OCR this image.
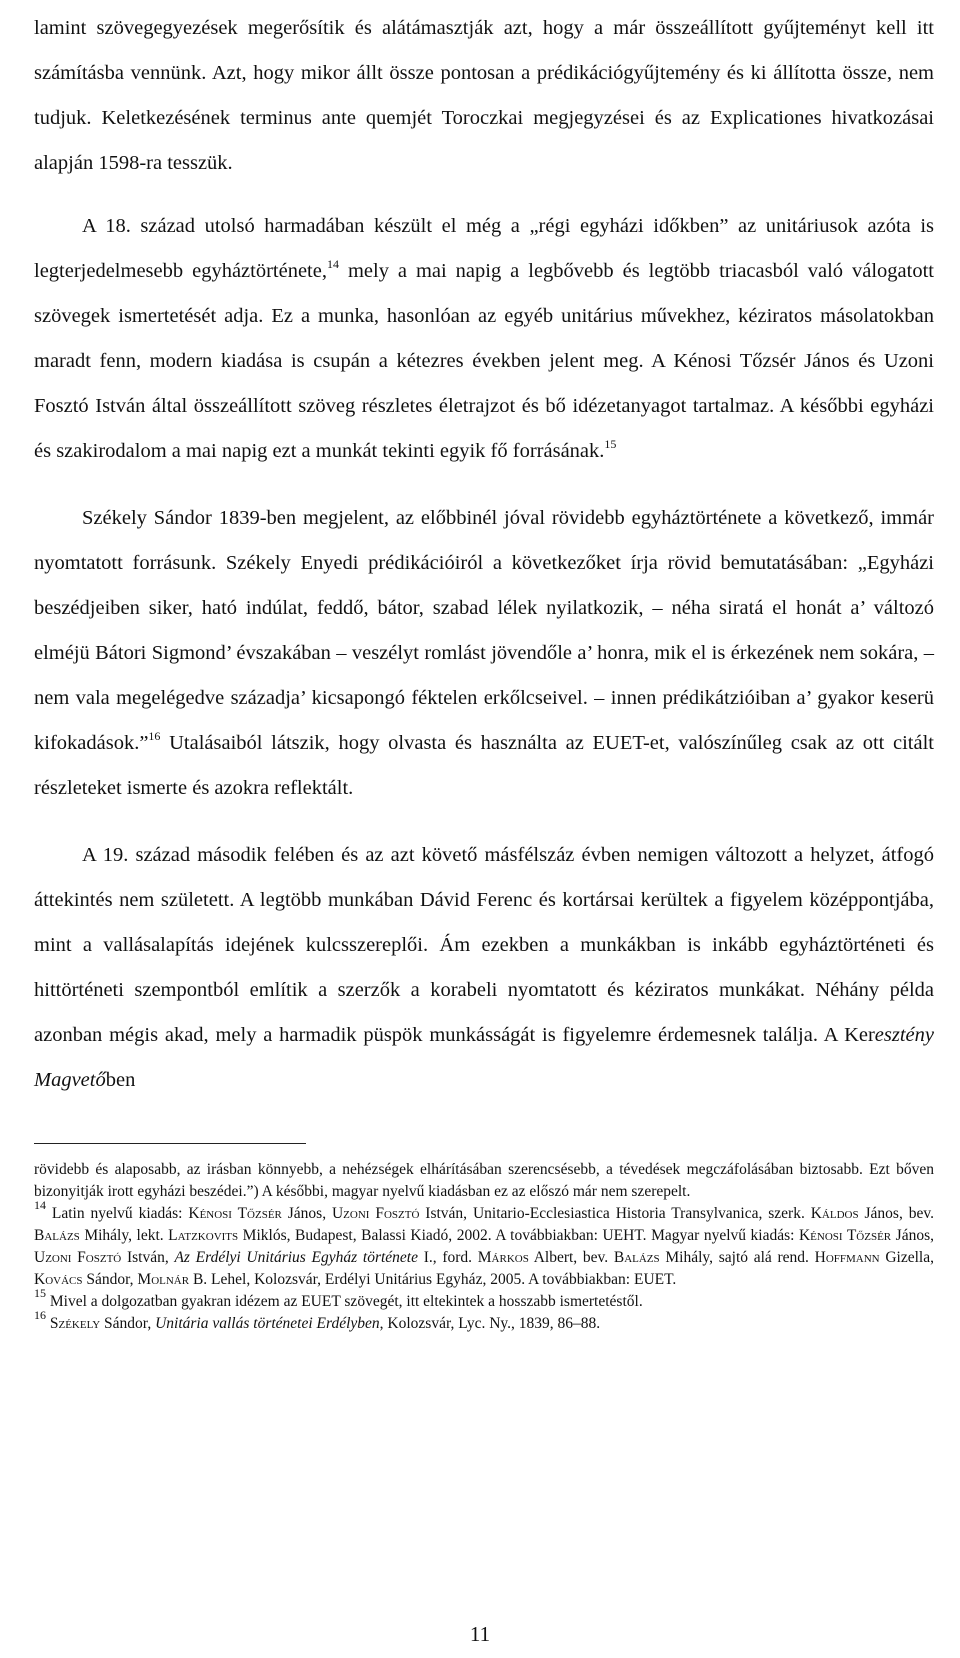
lamint szövegegyezések megerősítik és alátámasztják azt, hogy a már összeállított gyűjteményt kell itt számításba vennünk. Azt, hogy mikor állt össze pontosan a prédikációgyűjtemény és ki állította össze, nem tudjuk. Keletkezésének terminus ante quemjét Toroczkai megjegyzései és az Explicationes hivatkozásai alapján 1598-ra tesszük.

A 18. század utolsó harmadában készült el még a „régi egyházi időkben” az unitáriusok azóta is legterjedelmesebb egyháztörténete,$^{14}$ mely a mai napig a legbővebb és legtöbb triacasból való válogatott szövegek ismertetését adja. Ez a munka, hasonlóan az egyéb unitárius művekhez, kéziratos másolatokban maradt fenn, modern kiadása is csupán a kétezres években jelent meg. A Kénosi Tőzsér János és Uzoni Fosztó István által összeállított szöveg részletes életrajzot és bő idézetanyagot tartalmaz. A későbbi egyházi és szakirodalom a mai napig ezt a munkát tekinti egyik fő forrásának.$^{15}$

Székely Sándor 1839-ben megjelent, az előbbinél jóval rövidebb egyháztörténete a következő, immár nyomtatott forrásunk. Székely Enyedi prédikációiról a következőket írja rövid bemutatásában: „Egyházi beszédjeiben siker, ható indúlat, feddő, bátor, szabad lélek nyilatkozik, – néha siratá el honát a’ változó elméjü Bátori Sigmond’ évszakában – veszélyt romlást jövendőle a’ honra, mik el is érkezének nem sokára, – nem vala megelégedve századja’ kicsapongó féktelen erkőlcseivel. – innen prédikátzióiban a’ gyakor keserü kifokadások.”$^{16}$ Utalásaiból látszik, hogy olvasta és használta az EUET-et, valószínűleg csak az ott citált részleteket ismerte és azokra reflektált.

A 19. század második felében és az azt követő másfélszáz évben nemigen változott a helyzet, átfogó áttekintés nem született. A legtöbb munkában Dávid Ferenc és kortársai kerültek a figyelem középpontjába, mint a vallásalapítás idejének kulcsszereplői. Ám ezekben a munkákban is inkább egyháztörténeti és hittörténeti szempontból említik a szerzők a korabeli nyomtatott és kéziratos munkákat. Néhány példa azonban mégis akad, mely a harmadik püspök munkásságát is figyelemre érdemesnek találja. A Keresztény Magvetőben

rövidebb és alaposabb, az irásban könnyebb, a nehézségek elhárításában szerencsésebb, a tévedések megczáfolásában biztosabb. Ezt bőven bizonyitják irott egyházi beszédei.”) A későbbi, magyar nyelvű kiadásban ez az előszó már nem szerepelt.

$^{14}$ Latin nyelvű kiadás: Kénosi Tőzsér János, Uzoni Fosztó István, Unitario-Ecclesiastica Historia Transylvanica, szerk. Káldos János, bev. Balázs Mihály, lekt. Latzkovits Miklós, Budapest, Balassi Kiadó, 2002. A továbbiakban: UEHT. Magyar nyelvű kiadás: Kénosi Tőzsér János, Uzoni Fosztó István, Az Erdélyi Unitárius Egyház története I., ford. Márkos Albert, bev. Balázs Mihály, sajtó alá rend. Hoffmann Gizella, Kovács Sándor, Molnár B. Lehel, Kolozsvár, Erdélyi Unitárius Egyház, 2005. A továbbiakban: EUET.

$^{15}$ Mivel a dolgozatban gyakran idézem az EUET szövegét, itt eltekintek a hosszabb ismertetéstől.

$^{16}$ Székely Sándor, Unitária vallás történetei Erdélyben, Kolozsvár, Lyc. Ny., 1839, 86–88.

11
